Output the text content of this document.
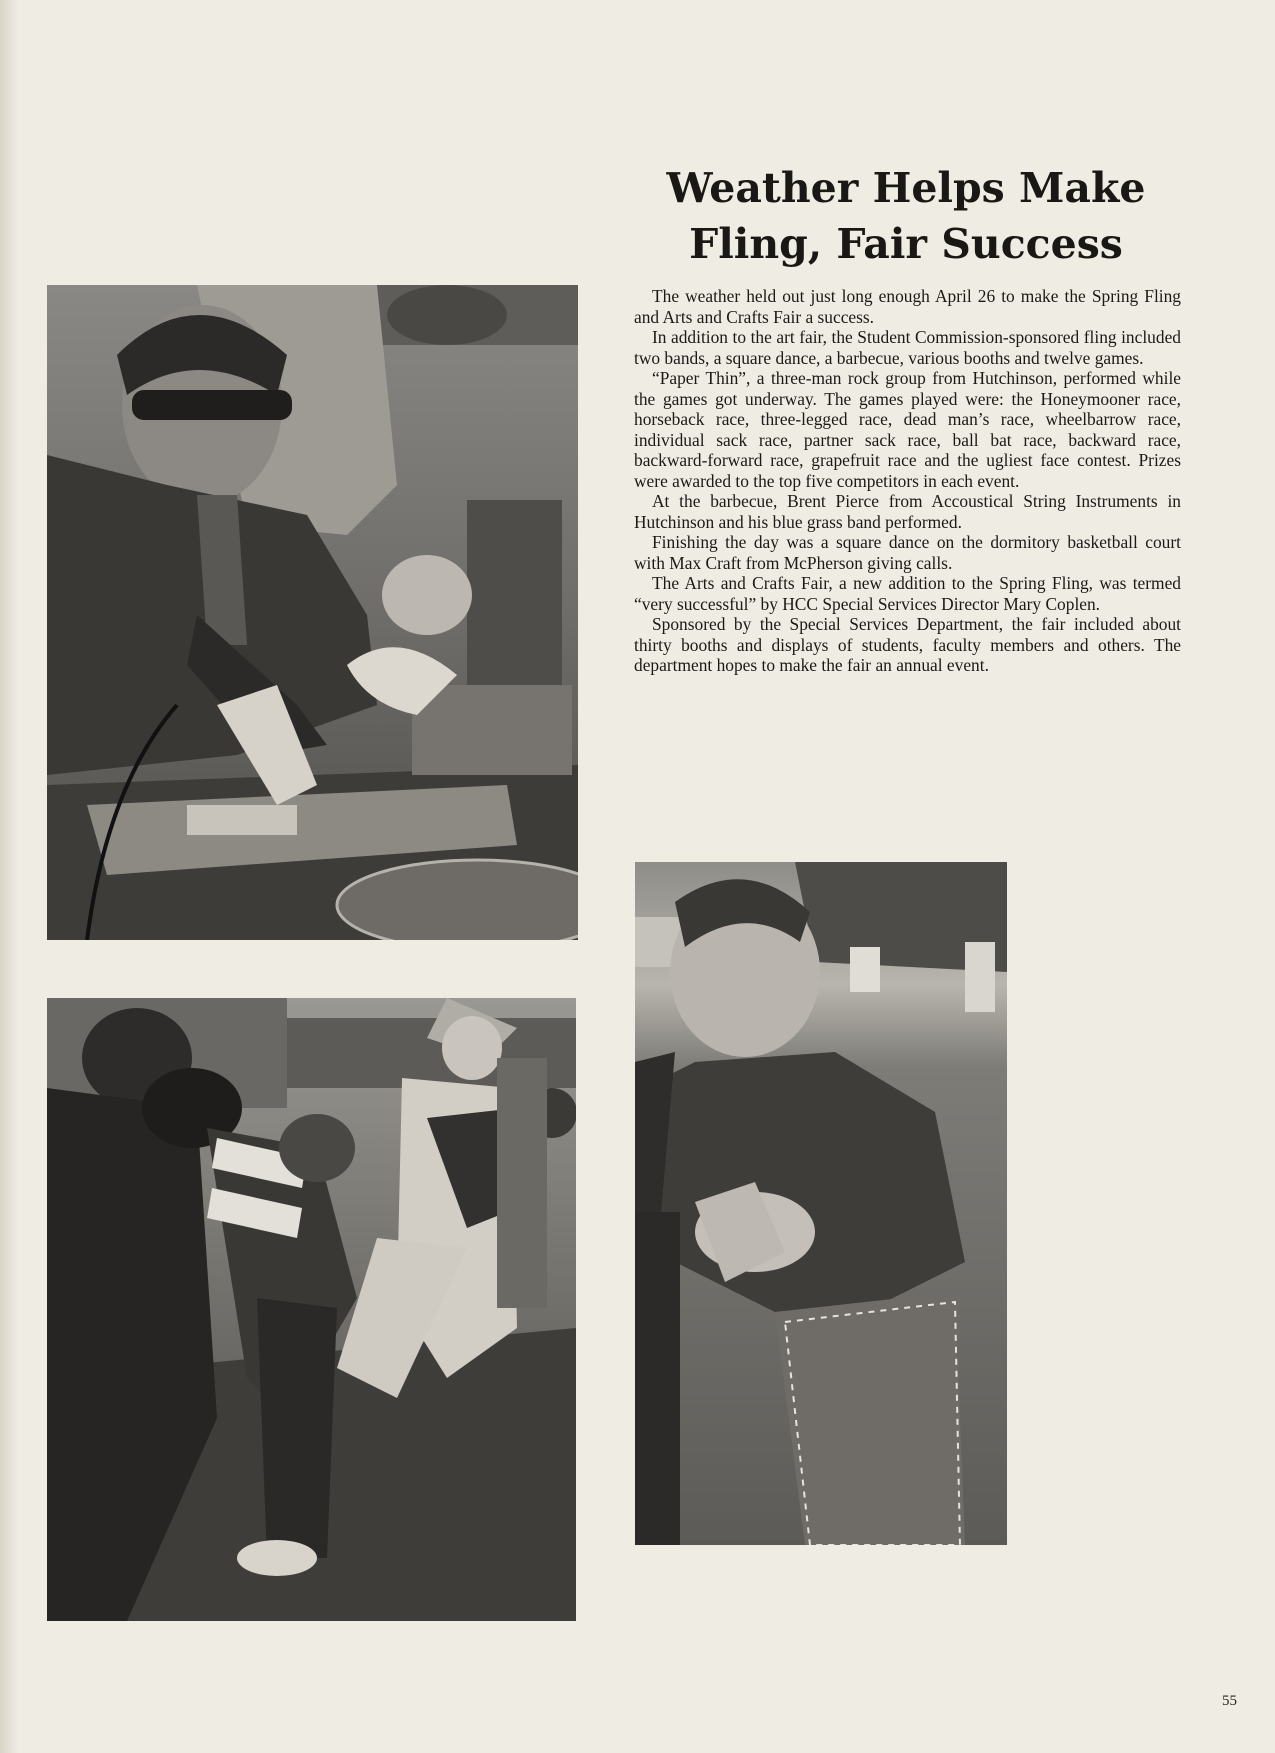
Weather Helps Make
Fling, Fair Success

The weather held out just long enough April 26 to make the Spring Fling and Arts and Crafts Fair a success.

In addition to the art fair, the Student Commission-sponsored fling included two bands, a square dance, a barbecue, various booths and twelve games.

“Paper Thin”, a three-man rock group from Hutchinson, performed while the games got underway. The games played were: the Honeymooner race, horseback race, three-legged race, dead man’s race, wheelbarrow race, individual sack race, partner sack race, ball bat race, backward race, backward-forward race, grapefruit race and the ugliest face contest. Prizes were awarded to the top five competitors in each event.

At the barbecue, Brent Pierce from Accoustical String Instruments in Hutchinson and his blue grass band performed.

Finishing the day was a square dance on the dormitory basketball court with Max Craft from McPherson giving calls.

The Arts and Crafts Fair, a new addition to the Spring Fling, was termed “very successful” by HCC Special Services Director Mary Coplen.

Sponsored by the Special Services Department, the fair included about thirty booths and displays of students, faculty members and others. The department hopes to make the fair an annual event.

55
